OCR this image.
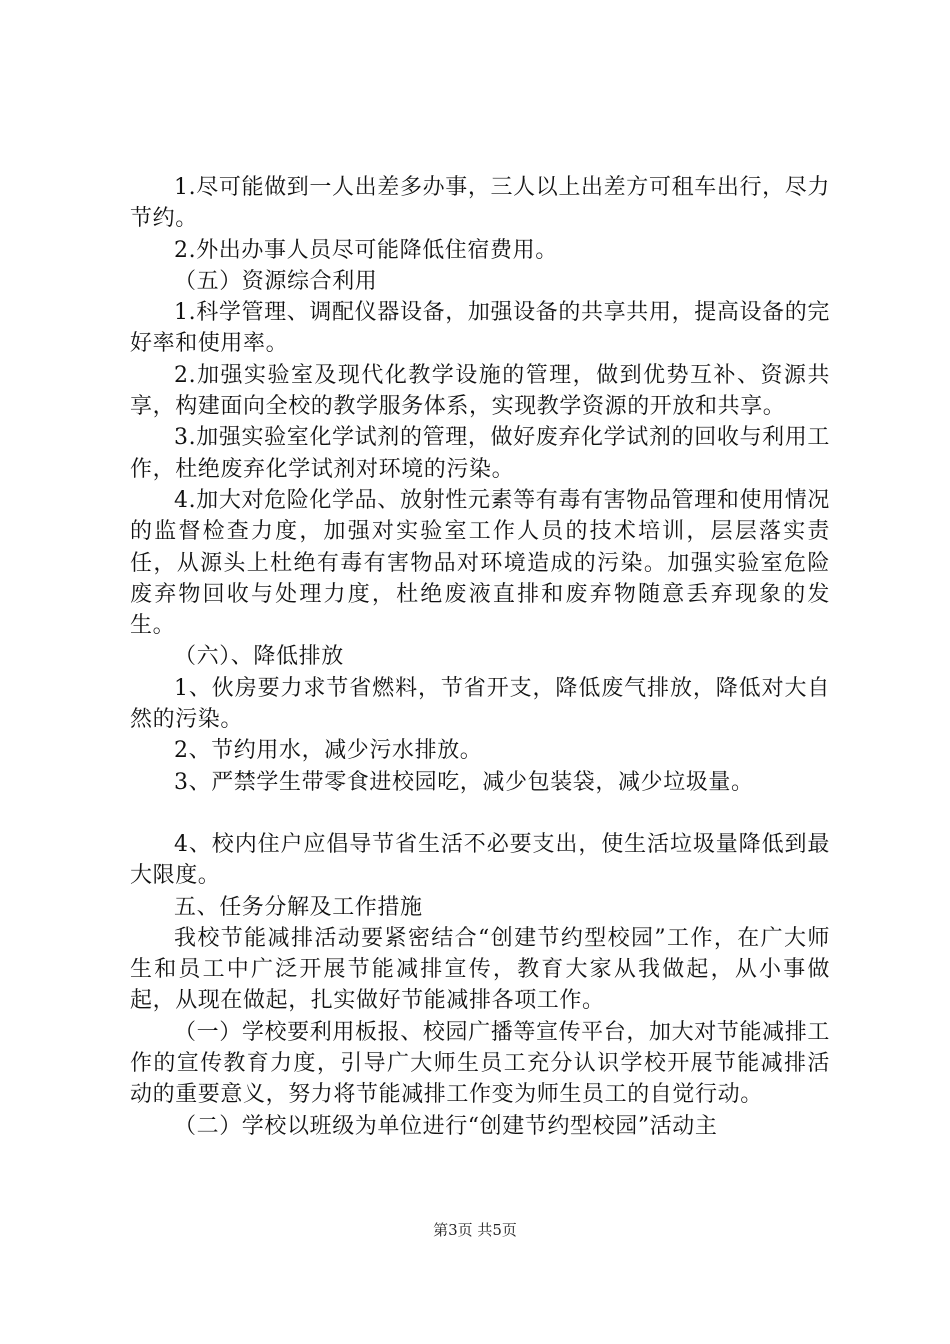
1.尽可能做到一人出差多办事，三人以上出差方可租车出行，尽力节约。

2.外出办事人员尽可能降低住宿费用。

（五）资源综合利用

1.科学管理、调配仪器设备，加强设备的共享共用，提高设备的完好率和使用率。

2.加强实验室及现代化教学设施的管理，做到优势互补、资源共享，构建面向全校的教学服务体系，实现教学资源的开放和共享。

3.加强实验室化学试剂的管理，做好废弃化学试剂的回收与利用工作，杜绝废弃化学试剂对环境的污染。

4.加大对危险化学品、放射性元素等有毒有害物品管理和使用情况的监督检查力度，加强对实验室工作人员的技术培训，层层落实责任，从源头上杜绝有毒有害物品对环境造成的污染。加强实验室危险废弃物回收与处理力度，杜绝废液直排和废弃物随意丢弃现象的发生。

（六）、降低排放

1、伙房要力求节省燃料，节省开支，降低废气排放，降低对大自然的污染。

2、节约用水，减少污水排放。

3、严禁学生带零食进校园吃，减少包装袋，减少垃圾量。

4、校内住户应倡导节省生活不必要支出，使生活垃圾量降低到最大限度。

五、任务分解及工作措施

我校节能减排活动要紧密结合“创建节约型校园”工作，在广大师生和员工中广泛开展节能减排宣传，教育大家从我做起，从小事做起，从现在做起，扎实做好节能减排各项工作。

（一）学校要利用板报、校园广播等宣传平台，加大对节能减排工作的宣传教育力度，引导广大师生员工充分认识学校开展节能减排活动的重要意义，努力将节能减排工作变为师生员工的自觉行动。

（二）学校以班级为单位进行“创建节约型校园”活动主

第3页 共5页
